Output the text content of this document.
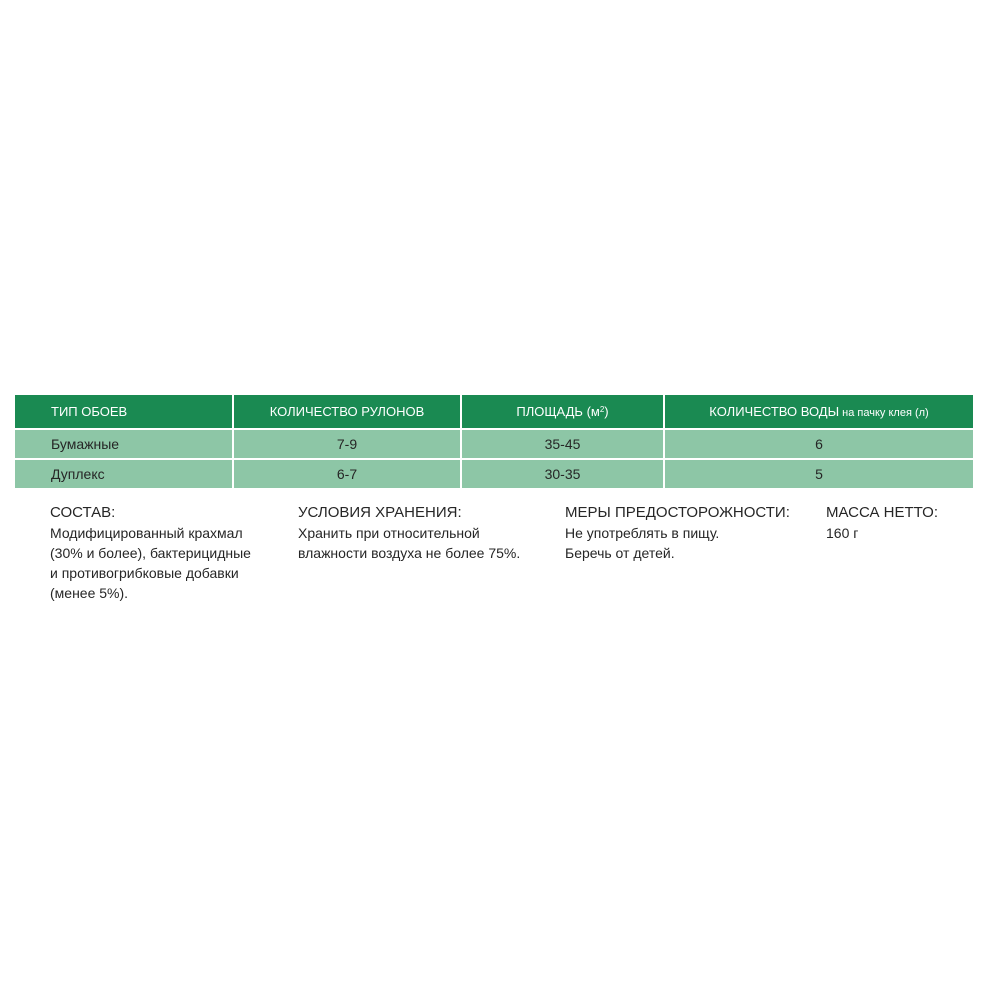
ТИП ОБОЕВ	КОЛИЧЕСТВО РУЛОНОВ	ПЛОЩАДЬ $(м^2)$	КОЛИЧЕСТВО ВОДЫ на пачку клея (л)
Бумажные	7-9	35-45	6
Дуплекс	6-7	30-35	5
СОСТАВ:
Модифицированный крахмал
(30% и более), бактерицидные
и противогрибковые добавки
(менее 5%).
УСЛОВИЯ ХРАНЕНИЯ:
Хранить при относительной
влажности воздуха не более 75%.
МЕРЫ ПРЕДОСТОРОЖНОСТИ:
Не употреблять в пищу.
Беречь от детей.
МАССА НЕТТО:
160 г
